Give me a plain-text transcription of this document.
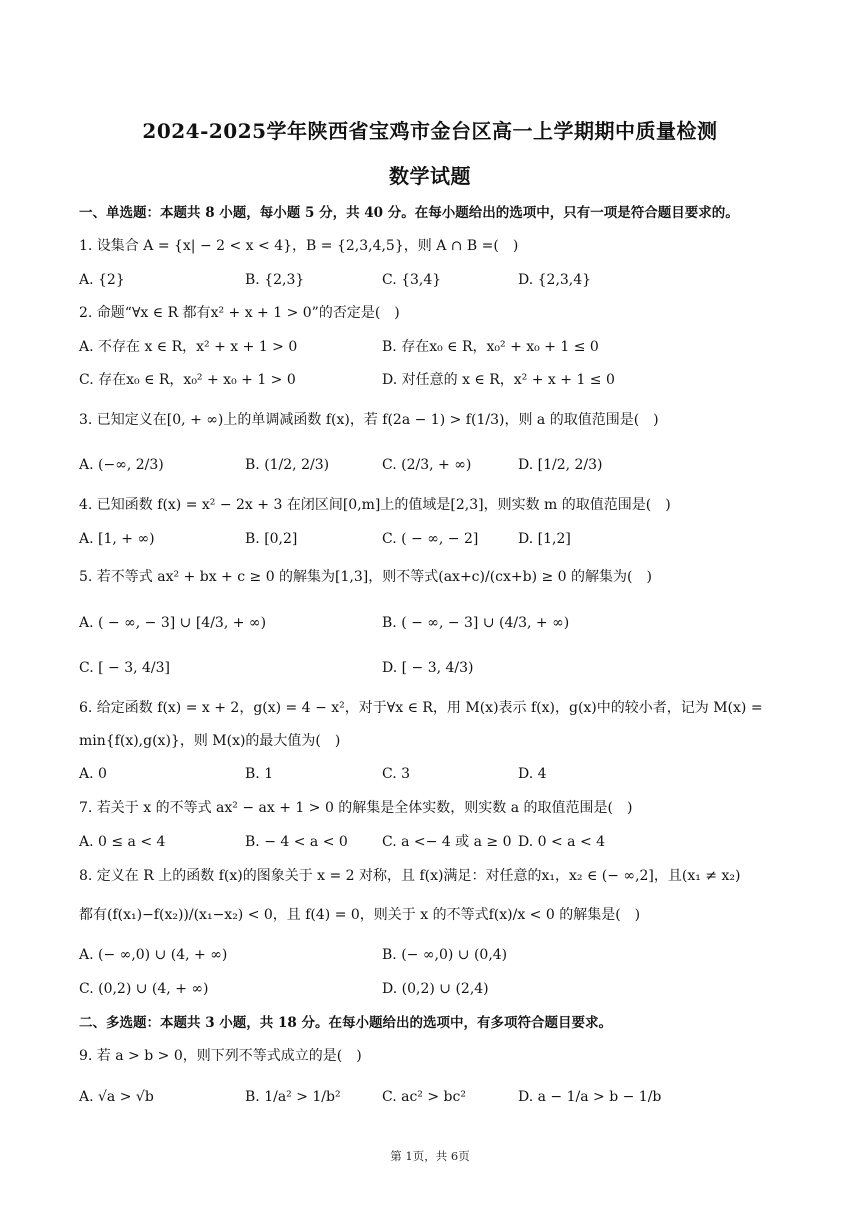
2024-2025学年陕西省宝鸡市金台区高一上学期期中质量检测
数学试题
一、单选题：本题共 8 小题，每小题 5 分，共 40 分。在每小题给出的选项中，只有一项是符合题目要求的。
1. 设集合 A = {x| − 2 < x < 4}，B = {2,3,4,5}，则 A ∩ B =(　)
A. {2}	B. {2,3}	C. {3,4}	D. {2,3,4}
2. 命题“∀x ∈ R 都有x² + x + 1 > 0”的否定是(　)
A. 不存在 x ∈ R，x² + x + 1 > 0	B. 存在x₀ ∈ R，x₀² + x₀ + 1 ≤ 0
C. 存在x₀ ∈ R，x₀² + x₀ + 1 > 0	D. 对任意的 x ∈ R，x² + x + 1 ≤ 0
3. 已知定义在[0, + ∞)上的单调减函数 f(x)，若 f(2a − 1) > f(1/3)，则 a 的取值范围是(　)
A. (−∞, 2/3)	B. (1/2, 2/3)	C. (2/3, + ∞)	D. [1/2, 2/3)
4. 已知函数 f(x) = x² − 2x + 3 在闭区间[0,m]上的值域是[2,3]，则实数 m 的取值范围是(　)
A. [1, + ∞)	B. [0,2]	C. ( − ∞, − 2]	D. [1,2]
5. 若不等式 ax² + bx + c ≥ 0 的解集为[1,3]，则不等式(ax+c)/(cx+b) ≥ 0 的解集为(　)
A. ( − ∞, − 3] ∪ [4/3, + ∞)	B. ( − ∞, − 3] ∪ (4/3, + ∞)
C. [ − 3, 4/3]	D. [ − 3, 4/3)
6. 给定函数 f(x) = x + 2，g(x) = 4 − x²，对于∀x ∈ R，用 M(x)表示 f(x)，g(x)中的较小者，记为 M(x) =
min{f(x),g(x)}，则 M(x)的最大值为(　)
A. 0	B. 1	C. 3	D. 4
7. 若关于 x 的不等式 ax² − ax + 1 > 0 的解集是全体实数，则实数 a 的取值范围是(　)
A. 0 ≤ a < 4	B. − 4 < a < 0 C. a <− 4 或 a ≥ 0 D. 0 < a < 4
8. 定义在 R 上的函数 f(x)的图象关于 x = 2 对称，且 f(x)满足：对任意的x₁，x₂ ∈ (− ∞,2]，且(x₁ ≠ x₂)
都有(f(x₁)−f(x₂))/(x₁−x₂) < 0，且 f(4) = 0，则关于 x 的不等式f(x)/x < 0 的解集是(　)
A. (− ∞,0) ∪ (4, + ∞)	B. (− ∞,0) ∪ (0,4)
C. (0,2) ∪ (4, + ∞)	D. (0,2) ∪ (2,4)
二、多选题：本题共 3 小题，共 18 分。在每小题给出的选项中，有多项符合题目要求。
9. 若 a > b > 0，则下列不等式成立的是(　)
A. √a > √b	B. 1/a² > 1/b²	C. ac² > bc²	D. a − 1/a > b − 1/b
第 1页，共 6页
